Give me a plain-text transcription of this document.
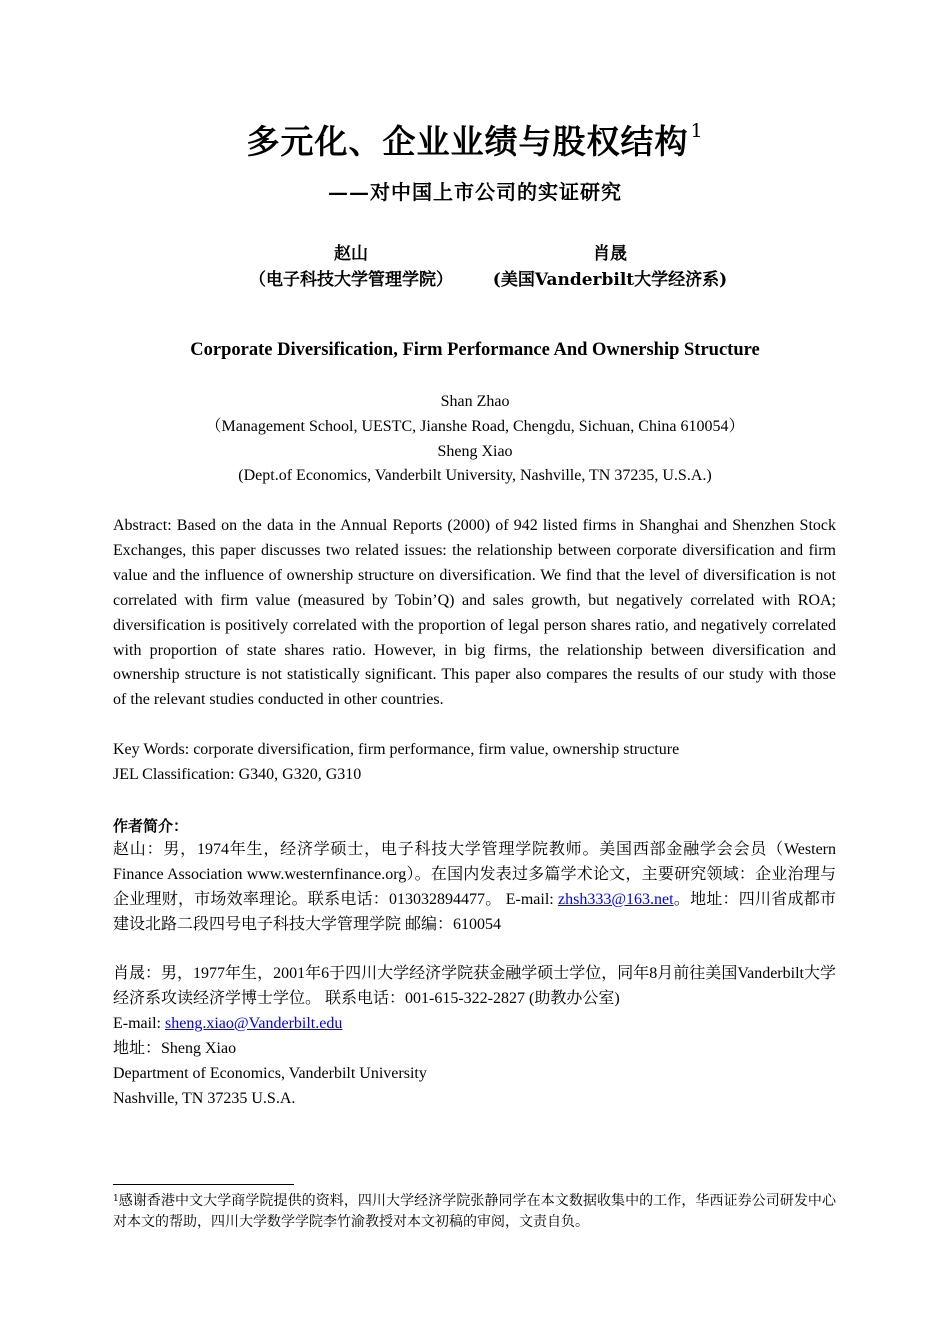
多元化、企业业绩与股权结构 $^1$
——对中国上市公司的实证研究
赵山
（电子科技大学管理学院）
肖晟
(美国Vanderbilt大学经济系)
Corporate Diversification, Firm Performance And Ownership Structure
Shan Zhao
（Management School, UESTC, Jianshe Road, Chengdu, Sichuan, China 610054）
Sheng Xiao
(Dept.of Economics, Vanderbilt University, Nashville, TN 37235, U.S.A.)
Abstract: Based on the data in the Annual Reports (2000) of 942 listed firms in Shanghai and Shenzhen Stock Exchanges, this paper discusses two related issues: the relationship between corporate diversification and firm value and the influence of ownership structure on diversification. We find that the level of diversification is not correlated with firm value (measured by Tobin’Q) and sales growth, but negatively correlated with ROA; diversification is positively correlated with the proportion of legal person shares ratio, and negatively correlated with proportion of state shares ratio. However, in big firms, the relationship between diversification and ownership structure is not statistically significant. This paper also compares the results of our study with those of the relevant studies conducted in other countries.
Key Words: corporate diversification, firm performance, firm value, ownership structure
JEL Classification: G340, G320, G310
作者简介：
赵山：男，1974年生，经济学硕士，电子科技大学管理学院教师。美国西部金融学会会员（Western Finance Association www.westernfinance.org）。在国内发表过多篇学术论文，主要研究领域：企业治理与企业理财，市场效率理论。联系电话：013032894477。 E-mail: zhsh333@163.net。地址：四川省成都市建设北路二段四号电子科技大学管理学院 邮编：610054
肖晟：男，1977年生，2001年6于四川大学经济学院获金融学硕士学位，同年8月前往美国Vanderbilt大学经济系攻读经济学博士学位。 联系电话：001-615-322-2827 (助教办公室)
E-mail: sheng.xiao@Vanderbilt.edu
地址：Sheng Xiao
Department of Economics, Vanderbilt University
Nashville, TN 37235 U.S.A.
$^1$感谢香港中文大学商学院提供的资料，四川大学经济学院张静同学在本文数据收集中的工作，华西证券公司研发中心对本文的帮助，四川大学数学学院李竹渝教授对本文初稿的审阅，文责自负。
